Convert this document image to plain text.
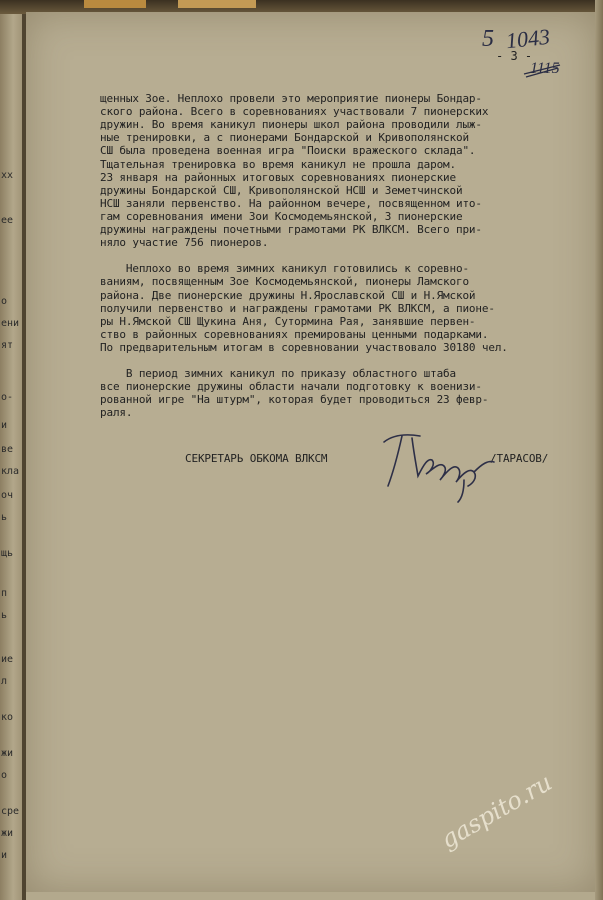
хх
ее
о
ени
ят
о-
и
ве
кла
оч
ь
щь
п
ь
ие
л
ко
жи
о
сре
жи
и
5 1043
1115
- 3 -
щенных Зое. Неплохо провели это мероприятие пионеры Бондар-
ского района. Всего в соревнованиях участвовали 7 пионерских
дружин. Во время каникул пионеры школ района проводили лыж-
ные тренировки, а с пионерами Бондарской и Кривополянской
СШ была проведена военная игра "Поиски вражеского склада".
Тщательная тренировка во время каникул не прошла даром.
23 января на районных итоговых соревнованиях пионерские
дружины Бондарской СШ, Кривополянской НСШ и Земетчинской
НСШ заняли первенство. На районном вечере, посвященном ито-
гам соревнования имени Зои Космодемьянской, 3 пионерские
дружины награждены почетными грамотами РК ВЛКСМ. Всего при-
няло участие 756 пионеров.
Неплохо во время зимних каникул готовились к соревно-
ваниям, посвященным Зое Космодемьянской, пионеры Ламского
района. Две пионерские дружины Н.Ярославской СШ и Н.Ямской
получили первенство и награждены грамотами РК ВЛКСМ, а пионе-
ры Н.Ямской СШ Щукина Аня, Сутормина Рая, занявшие первен-
ство в районных соревнованиях премированы ценными подарками.
По предварительным итогам в соревновании участвовало 30180 чел.
В период зимних каникул по приказу областного штаба
все пионерские дружины области начали подготовку к военизи-
рованной игре "На штурм", которая будет проводиться 23 февр-
раля.
СЕКРЕТАРЬ ОБКОМА ВЛКСМ	/ТАРАСОВ/
gaspito.ru
